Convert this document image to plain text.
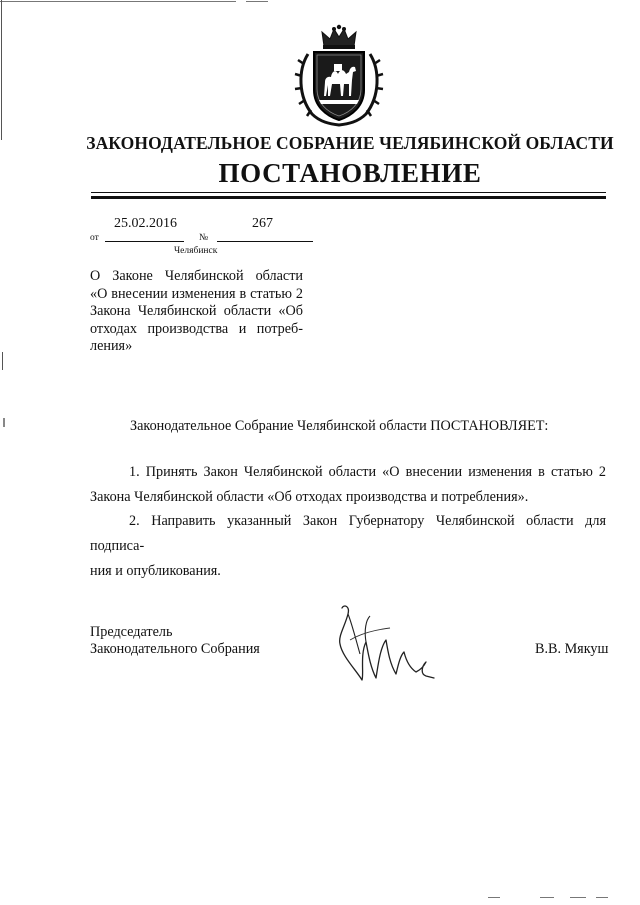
ЗАКОНОДАТЕЛЬНОЕ СОБРАНИЕ ЧЕЛЯБИНСКОЙ ОБЛАСТИ
ПОСТАНОВЛЕНИЕ
25.02.2016	267
от	№
Челябинск
О Законе Челябинской области
«О внесении изменения в статью 2
Закона Челябинской области «Об
отходах производства и потреб-
ления»
Законодательное Собрание Челябинской области ПОСТАНОВЛЯЕТ:
1. Принять Закон Челябинской области «О внесении изменения в статью 2
Закона Челябинской области «Об отходах производства и потребления».
2. Направить указанный Закон Губернатору Челябинской области для подписа-
ния и опубликования.
Председатель
Законодательного Собрания	В.В. Мякуш
